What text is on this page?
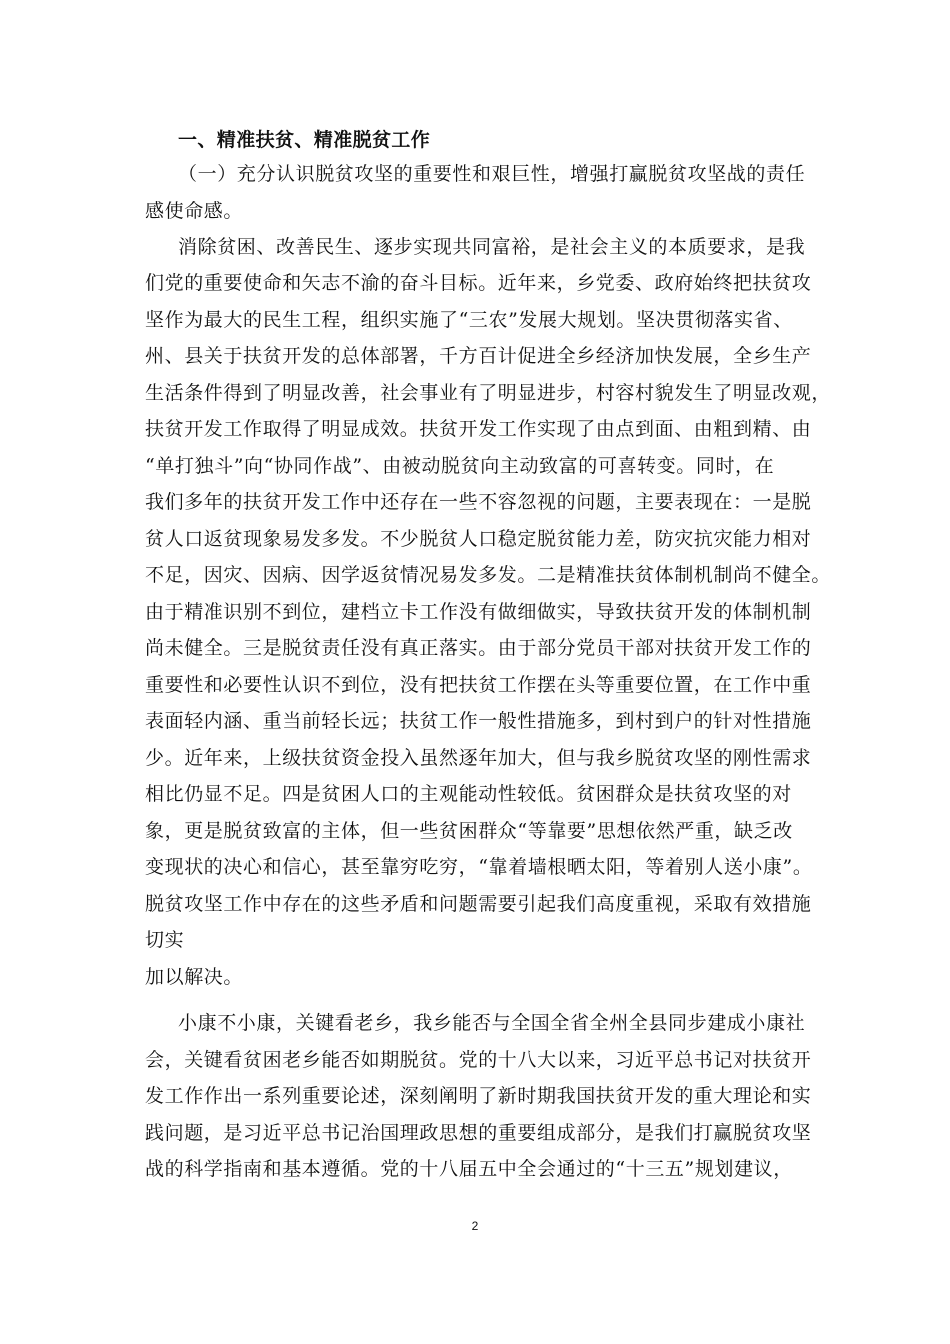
一、精准扶贫、精准脱贫工作
（一）充分认识脱贫攻坚的重要性和艰巨性，增强打赢脱贫攻坚战的责任
感使命感。
消除贫困、改善民生、逐步实现共同富裕，是社会主义的本质要求，是我
们党的重要使命和矢志不渝的奋斗目标。近年来，乡党委、政府始终把扶贫攻
坚作为最大的民生工程，组织实施了“三农”发展大规划。坚决贯彻落实省、
州、县关于扶贫开发的总体部署，千方百计促进全乡经济加快发展，全乡生产
生活条件得到了明显改善，社会事业有了明显进步，村容村貌发生了明显改观，
扶贫开发工作取得了明显成效。扶贫开发工作实现了由点到面、由粗到精、由
“单打独斗”向“协同作战”、由被动脱贫向主动致富的可喜转变。同时，在
我们多年的扶贫开发工作中还存在一些不容忽视的问题，主要表现在：一是脱
贫人口返贫现象易发多发。不少脱贫人口稳定脱贫能力差，防灾抗灾能力相对
不足，因灾、因病、因学返贫情况易发多发。二是精准扶贫体制机制尚不健全。
由于精准识别不到位，建档立卡工作没有做细做实，导致扶贫开发的体制机制
尚未健全。三是脱贫责任没有真正落实。由于部分党员干部对扶贫开发工作的
重要性和必要性认识不到位，没有把扶贫工作摆在头等重要位置，在工作中重
表面轻内涵、重当前轻长远；扶贫工作一般性措施多，到村到户的针对性措施
少。近年来，上级扶贫资金投入虽然逐年加大，但与我乡脱贫攻坚的刚性需求
相比仍显不足。四是贫困人口的主观能动性较低。贫困群众是扶贫攻坚的对
象，更是脱贫致富的主体，但一些贫困群众“等靠要”思想依然严重，缺乏改
变现状的决心和信心，甚至靠穷吃穷，“靠着墙根晒太阳，等着别人送小康”。
脱贫攻坚工作中存在的这些矛盾和问题需要引起我们高度重视，采取有效措施
切实
加以解决。
小康不小康，关键看老乡，我乡能否与全国全省全州全县同步建成小康社
会，关键看贫困老乡能否如期脱贫。党的十八大以来，习近平总书记对扶贫开
发工作作出一系列重要论述，深刻阐明了新时期我国扶贫开发的重大理论和实
践问题，是习近平总书记治国理政思想的重要组成部分，是我们打赢脱贫攻坚
战的科学指南和基本遵循。党的十八届五中全会通过的“十三五”规划建议，
2
